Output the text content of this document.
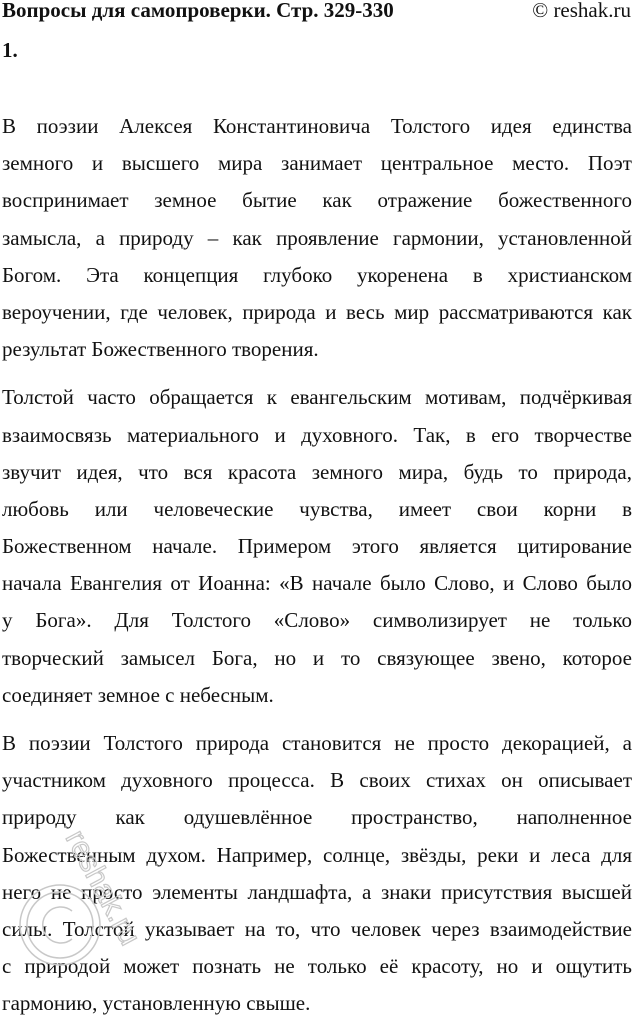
Вопросы для самопроверки. Стр. 329-330	© reshak.ru
1.
В поэзии Алексея Константиновича Толстого идея единства
земного и высшего мира занимает центральное место. Поэт
воспринимает земное бытие как отражение божественного
замысла, а природу – как проявление гармонии, установленной
Богом. Эта концепция глубоко укоренена в христианском
вероучении, где человек, природа и весь мир рассматриваются как
результат Божественного творения.
Толстой часто обращается к евангельским мотивам, подчёркивая
взаимосвязь материального и духовного. Так, в его творчестве
звучит идея, что вся красота земного мира, будь то природа,
любовь или человеческие чувства, имеет свои корни в
Божественном начале. Примером этого является цитирование
начала Евангелия от Иоанна: «В начале было Слово, и Слово было
у Бога». Для Толстого «Слово» символизирует не только
творческий замысел Бога, но и то связующее звено, которое
соединяет земное с небесным.
В поэзии Толстого природа становится не просто декорацией, а
участником духовного процесса. В своих стихах он описывает
природу как одушевлённое пространство, наполненное
Божественным духом. Например, солнце, звёзды, реки и леса для
него не просто элементы ландшафта, а знаки присутствия высшей
силы. Толстой указывает на то, что человек через взаимодействие
с природой может познать не только её красоту, но и ощутить
гармонию, установленную свыше.
reshak.ru
